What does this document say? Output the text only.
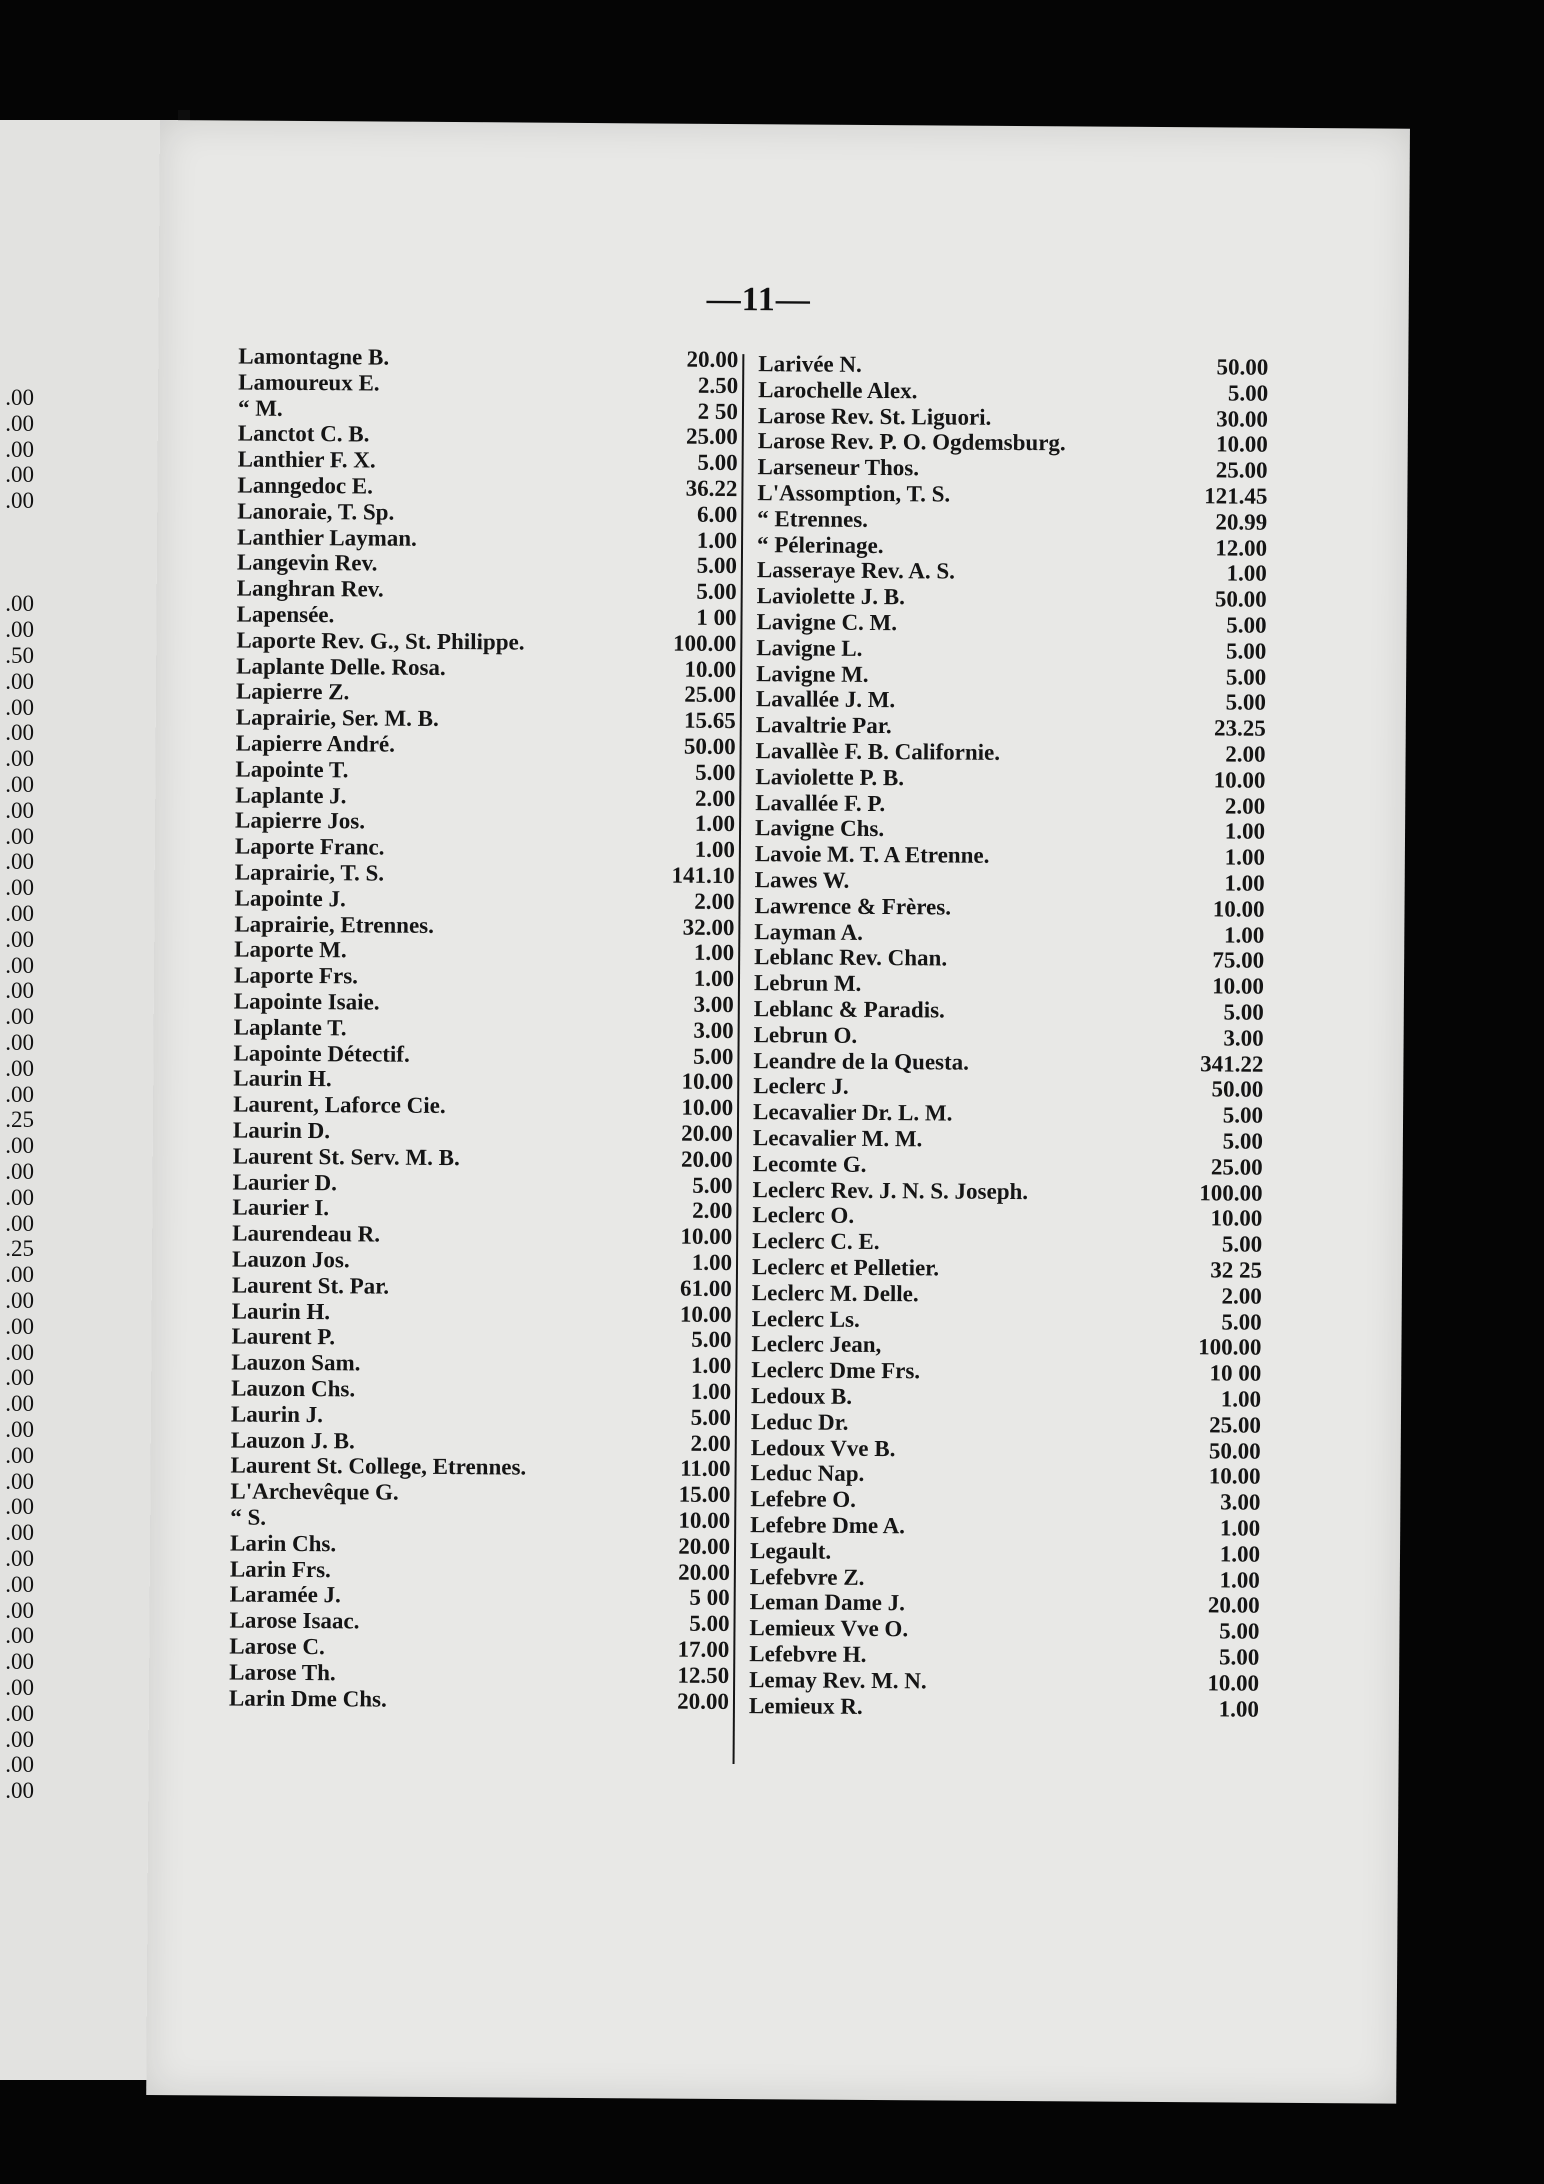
.00
.00
.00
.00
.00
.00
.00
.50
.00
.00
.00
.00
.00
.00
.00
.00
.00
.00
.00
.00
.00
.00
.00
.00
.00
.25
.00
.00
.00
.00
.25
.00
.00
.00
.00
.00
.00
.00
.00
.00
.00
.00
.00
.00
.00
.00
.00
.00
.00
.00
.00
.00
—11—
Lamontagne B.	20.00
Lamoureux E.	2.50
“ M.	2 50
Lanctot C. B.	25.00
Lanthier F. X.	5.00
Lanngedoc E.	36.22
Lanoraie, T. Sp.	6.00
Lanthier Layman.	1.00
Langevin Rev.	5.00
Langhran Rev.	5.00
Lapensée.	1 00
Laporte Rev. G., St. Philippe.	100.00
Laplante Delle. Rosa.	10.00
Lapierre Z.	25.00
Laprairie, Ser. M. B.	15.65
Lapierre André.	50.00
Lapointe T.	5.00
Laplante J.	2.00
Lapierre Jos.	1.00
Laporte Franc.	1.00
Laprairie, T. S.	141.10
Lapointe J.	2.00
Laprairie, Etrennes.	32.00
Laporte M.	1.00
Laporte Frs.	1.00
Lapointe Isaie.	3.00
Laplante T.	3.00
Lapointe Détectif.	5.00
Laurin H.	10.00
Laurent, Laforce Cie.	10.00
Laurin D.	20.00
Laurent St. Serv. M. B.	20.00
Laurier D.	5.00
Laurier I.	2.00
Laurendeau R.	10.00
Lauzon Jos.	1.00
Laurent St. Par.	61.00
Laurin H.	10.00
Laurent P.	5.00
Lauzon Sam.	1.00
Lauzon Chs.	1.00
Laurin J.	5.00
Lauzon J. B.	2.00
Laurent St. College, Etrennes.	11.00
L'Archevêque G.	15.00
“ S.	10.00
Larin Chs.	20.00
Larin Frs.	20.00
Laramée J.	5 00
Larose Isaac.	5.00
Larose C.	17.00
Larose Th.	12.50
Larin Dme Chs.	20.00
Larivée N.	50.00
Larochelle Alex.	5.00
Larose Rev. St. Liguori.	30.00
Larose Rev. P. O. Ogdemsburg.	10.00
Larseneur Thos.	25.00
L'Assomption, T. S.	121.45
“ Etrennes.	20.99
“ Pélerinage.	12.00
Lasseraye Rev. A. S.	1.00
Laviolette J. B.	50.00
Lavigne C. M.	5.00
Lavigne L.	5.00
Lavigne M.	5.00
Lavallée J. M.	5.00
Lavaltrie Par.	23.25
Lavallèe F. B. Californie.	2.00
Laviolette P. B.	10.00
Lavallée F. P.	2.00
Lavigne Chs.	1.00
Lavoie M. T. A Etrenne.	1.00
Lawes W.	1.00
Lawrence & Frères.	10.00
Layman A.	1.00
Leblanc Rev. Chan.	75.00
Lebrun M.	10.00
Leblanc & Paradis.	5.00
Lebrun O.	3.00
Leandre de la Questa.	341.22
Leclerc J.	50.00
Lecavalier Dr. L. M.	5.00
Lecavalier M. M.	5.00
Lecomte G.	25.00
Leclerc Rev. J. N. S. Joseph.	100.00
Leclerc O.	10.00
Leclerc C. E.	5.00
Leclerc et Pelletier.	32 25
Leclerc M. Delle.	2.00
Leclerc Ls.	5.00
Leclerc Jean,	100.00
Leclerc Dme Frs.	10 00
Ledoux B.	1.00
Leduc Dr.	25.00
Ledoux Vve B.	50.00
Leduc Nap.	10.00
Lefebre O.	3.00
Lefebre Dme A.	1.00
Legault.	1.00
Lefebvre Z.	1.00
Leman Dame J.	20.00
Lemieux Vve O.	5.00
Lefebvre H.	5.00
Lemay Rev. M. N.	10.00
Lemieux R.	1.00
